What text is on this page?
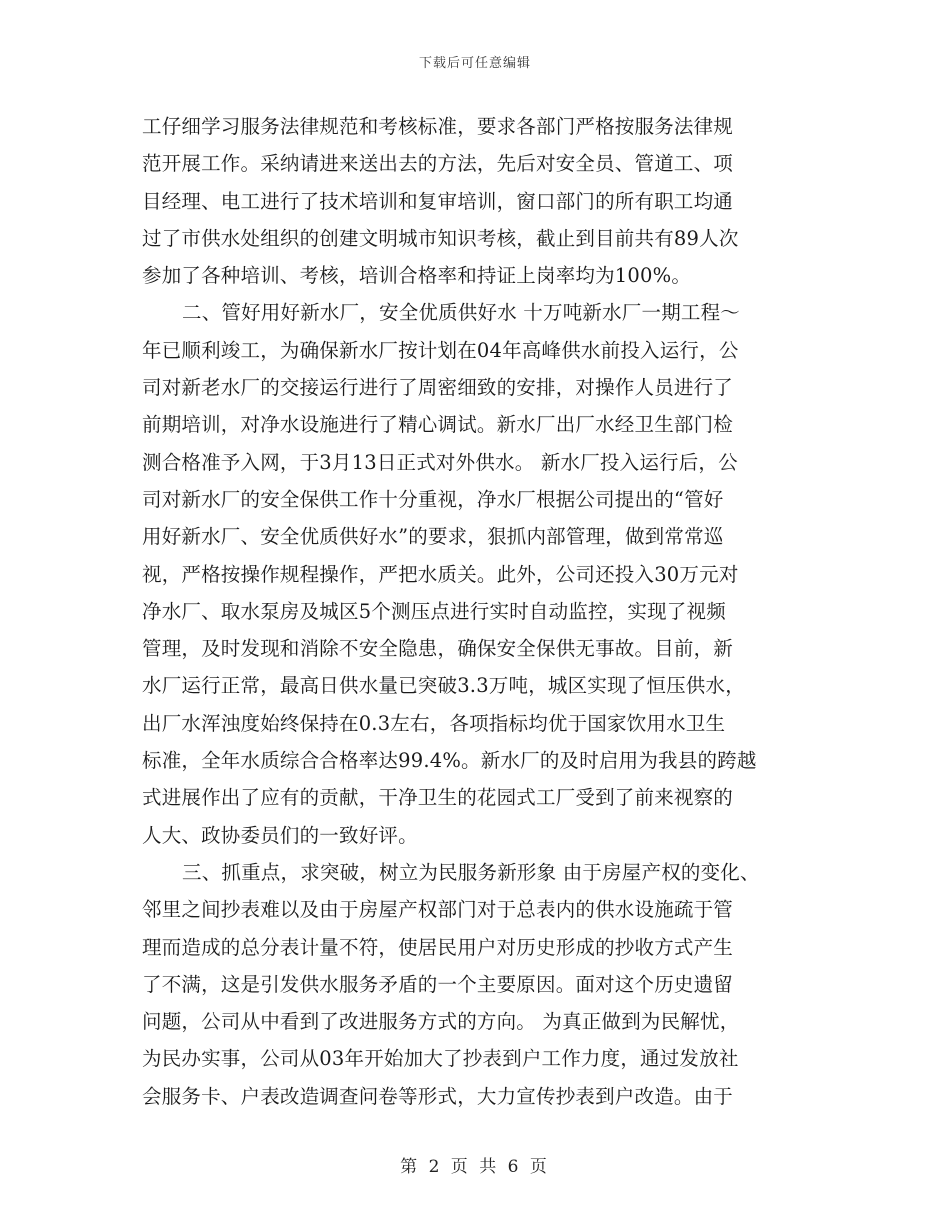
下载后可任意编辑
工仔细学习服务法律规范和考核标准，要求各部门严格按服务法律规
范开展工作。采纳请进来送出去的方法，先后对安全员、管道工、项
目经理、电工进行了技术培训和复审培训，窗口部门的所有职工均通
过了市供水处组织的创建文明城市知识考核，截止到目前共有89人次
参加了各种培训、考核，培训合格率和持证上岗率均为100%。
二、管好用好新水厂，安全优质供好水 十万吨新水厂一期工程～
年已顺利竣工，为确保新水厂按计划在04年高峰供水前投入运行，公
司对新老水厂的交接运行进行了周密细致的安排，对操作人员进行了
前期培训，对净水设施进行了精心调试。新水厂出厂水经卫生部门检
测合格准予入网，于3月13日正式对外供水。 新水厂投入运行后，公
司对新水厂的安全保供工作十分重视，净水厂根据公司提出的“管好
用好新水厂、安全优质供好水”的要求，狠抓内部管理，做到常常巡
视，严格按操作规程操作，严把水质关。此外，公司还投入30万元对
净水厂、取水泵房及城区5个测压点进行实时自动监控，实现了视频
管理，及时发现和消除不安全隐患，确保安全保供无事故。目前，新
水厂运行正常，最高日供水量已突破3.3万吨，城区实现了恒压供水，
出厂水浑浊度始终保持在0.3左右，各项指标均优于国家饮用水卫生
标准，全年水质综合合格率达99.4%。新水厂的及时启用为我县的跨越
式进展作出了应有的贡献，干净卫生的花园式工厂受到了前来视察的
人大、政协委员们的一致好评。
三、抓重点，求突破，树立为民服务新形象 由于房屋产权的变化、
邻里之间抄表难以及由于房屋产权部门对于总表内的供水设施疏于管
理而造成的总分表计量不符，使居民用户对历史形成的抄收方式产生
了不满，这是引发供水服务矛盾的一个主要原因。面对这个历史遗留
问题，公司从中看到了改进服务方式的方向。 为真正做到为民解忧，
为民办实事，公司从03年开始加大了抄表到户工作力度，通过发放社
会服务卡、户表改造调查问卷等形式，大力宣传抄表到户改造。由于
第 2 页 共 6 页
